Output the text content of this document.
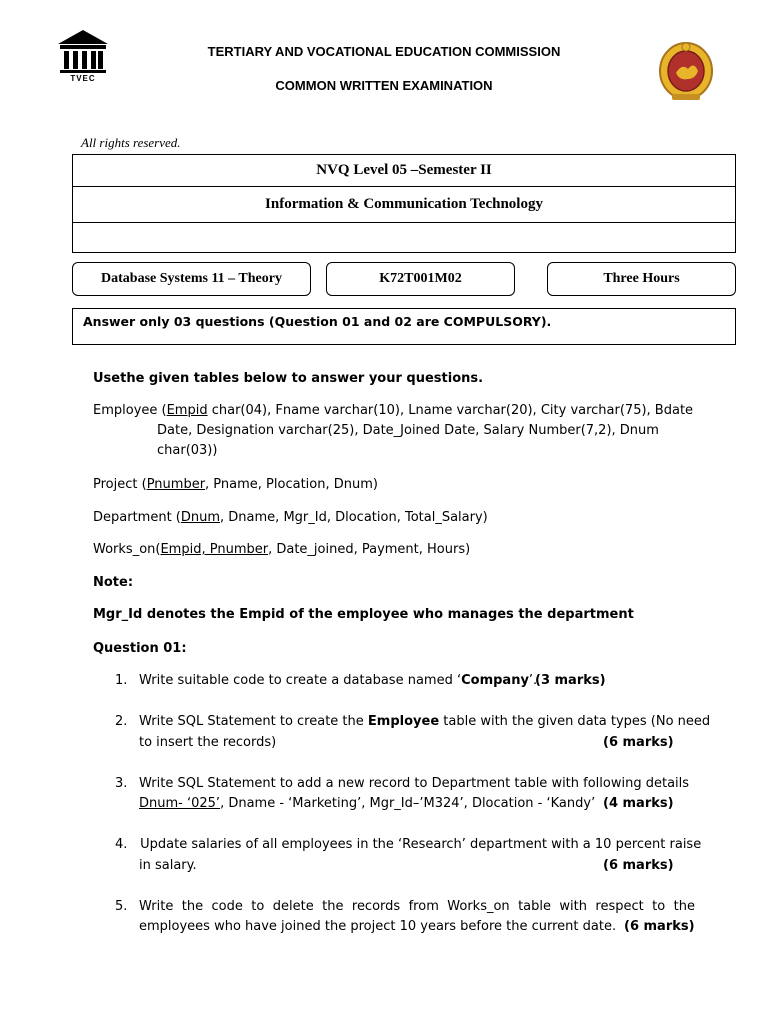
TVEC
TERTIARY AND VOCATIONAL EDUCATION COMMISSION
COMMON WRITTEN EXAMINATION
All rights reserved.
NVQ Level 05 –Semester II
Information & Communication Technology
Database Systems 11 – Theory	K72T001M02	Three Hours
Answer only 03 questions (Question 01 and 02 are COMPULSORY).
Usethe given tables below to answer your questions.
Employee (Empid char(04), Fname varchar(10), Lname varchar(20), City varchar(75), Bdate
Date, Designation varchar(25), Date_Joined Date, Salary Number(7,2), Dnum
char(03))
Project (Pnumber, Pname, Plocation, Dnum)
Department (Dnum, Dname, Mgr_Id, Dlocation, Total_Salary)
Works_on(Empid, Pnumber, Date_joined, Payment, Hours)
Note:
Mgr_Id denotes the Empid of the employee who manages the department
Question 01:
1. Write suitable code to create a database named ‘Company’.
(3 marks)
2. Write SQL Statement to create the Employee table with the given data types (No need
to insert the records)	(6 marks)
3. Write SQL Statement to add a new record to Department table with following details
Dnum- ‘025’, Dname - ‘Marketing’, Mgr_Id–’M324’, Dlocation - ‘Kandy’ (4 marks)
4. Update salaries of all employees in the ‘Research’ department with a 10 percent raise
in salary.	(6 marks)
5. Write the code to delete the records from Works_on table with respect to the
employees who have joined the project 10 years before the current date. (6 marks)
